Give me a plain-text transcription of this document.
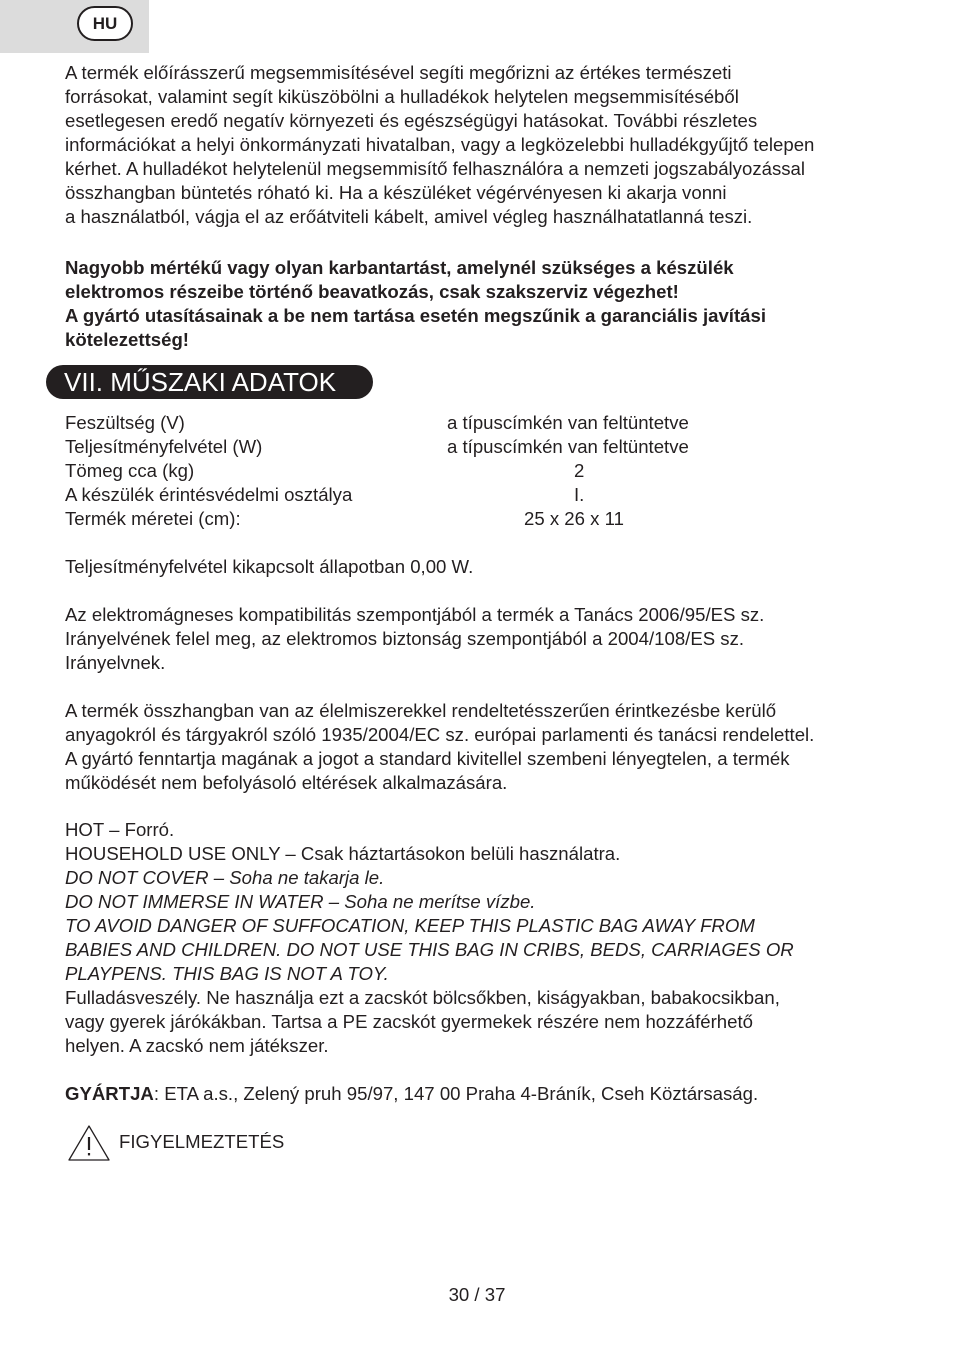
HU

A termék előírásszerű megsemmisítésével segíti megőrizni az értékes természeti

forrásokat, valamint segít kiküszöbölni a hulladékok helytelen megsemmisítéséből

esetlegesen eredő negatív környezeti és egészségügyi hatásokat. További részletes

információkat a helyi önkormányzati hivatalban, vagy a legközelebbi hulladékgyűjtő telepen

kérhet. A hulladékot helytelenül megsemmisítő felhasználóra a nemzeti jogszabályozással

összhangban büntetés róható ki. Ha a készüléket végérvényesen ki akarja vonni

a használatból, vágja el az erőátviteli kábelt, amivel végleg használhatatlanná teszi.

Nagyobb mértékű vagy olyan karbantartást, amelynél szükséges a készülék

elektromos részeibe történő beavatkozás, csak szakszerviz végezhet!

A gyártó utasításainak a be nem tartása esetén megszűnik a garanciális javítási

kötelezettség!

VII. MŰSZAKI ADATOK
Feszültség (V)	a típuscímkén van feltüntetve
Teljesítményfelvétel (W)	a típuscímkén van feltüntetve
Tömeg cca (kg)	2
A készülék érintésvédelmi osztálya	I.
Termék méretei (cm):	25 x 26 x 11

Teljesítményfelvétel kikapcsolt állapotban 0,00 W.

Az elektromágneses kompatibilitás szempontjából a termék a Tanács 2006/95/ES sz.

Irányelvének felel meg, az elektromos biztonság szempontjából a 2004/108/ES sz.

Irányelvnek.

A termék összhangban van az élelmiszerekkel rendeltetésszerűen érintkezésbe kerülő

anyagokról és tárgyakról szóló 1935/2004/EC sz. európai parlamenti és tanácsi rendelettel.

A gyártó fenntartja magának a jogot a standard kivitellel szembeni lényegtelen, a termék

működését nem befolyásoló eltérések alkalmazására.

HOT – Forró.

HOUSEHOLD USE ONLY – Csak háztartásokon belüli használatra.

DO NOT COVER – Soha ne takarja le.

DO NOT IMMERSE IN WATER – Soha ne merítse vízbe.

TO AVOID DANGER OF SUFFOCATION, KEEP THIS PLASTIC BAG AWAY FROM

BABIES AND CHILDREN. DO NOT USE THIS BAG IN CRIBS, BEDS, CARRIAGES OR

PLAYPENS. THIS BAG IS NOT A TOY.

Fulladásveszély. Ne használja ezt a zacskót bölcsőkben, kiságyakban, babakocsikban,

vagy gyerek járókákban. Tartsa a PE zacskót gyermekek részére nem hozzáférhető

helyen. A zacskó nem játékszer.

GYÁRTJA: ETA a.s., Zelený pruh 95/97, 147 00 Praha 4-Bráník, Cseh Köztársaság.

FIGYELMEZTETÉS
30 / 37
